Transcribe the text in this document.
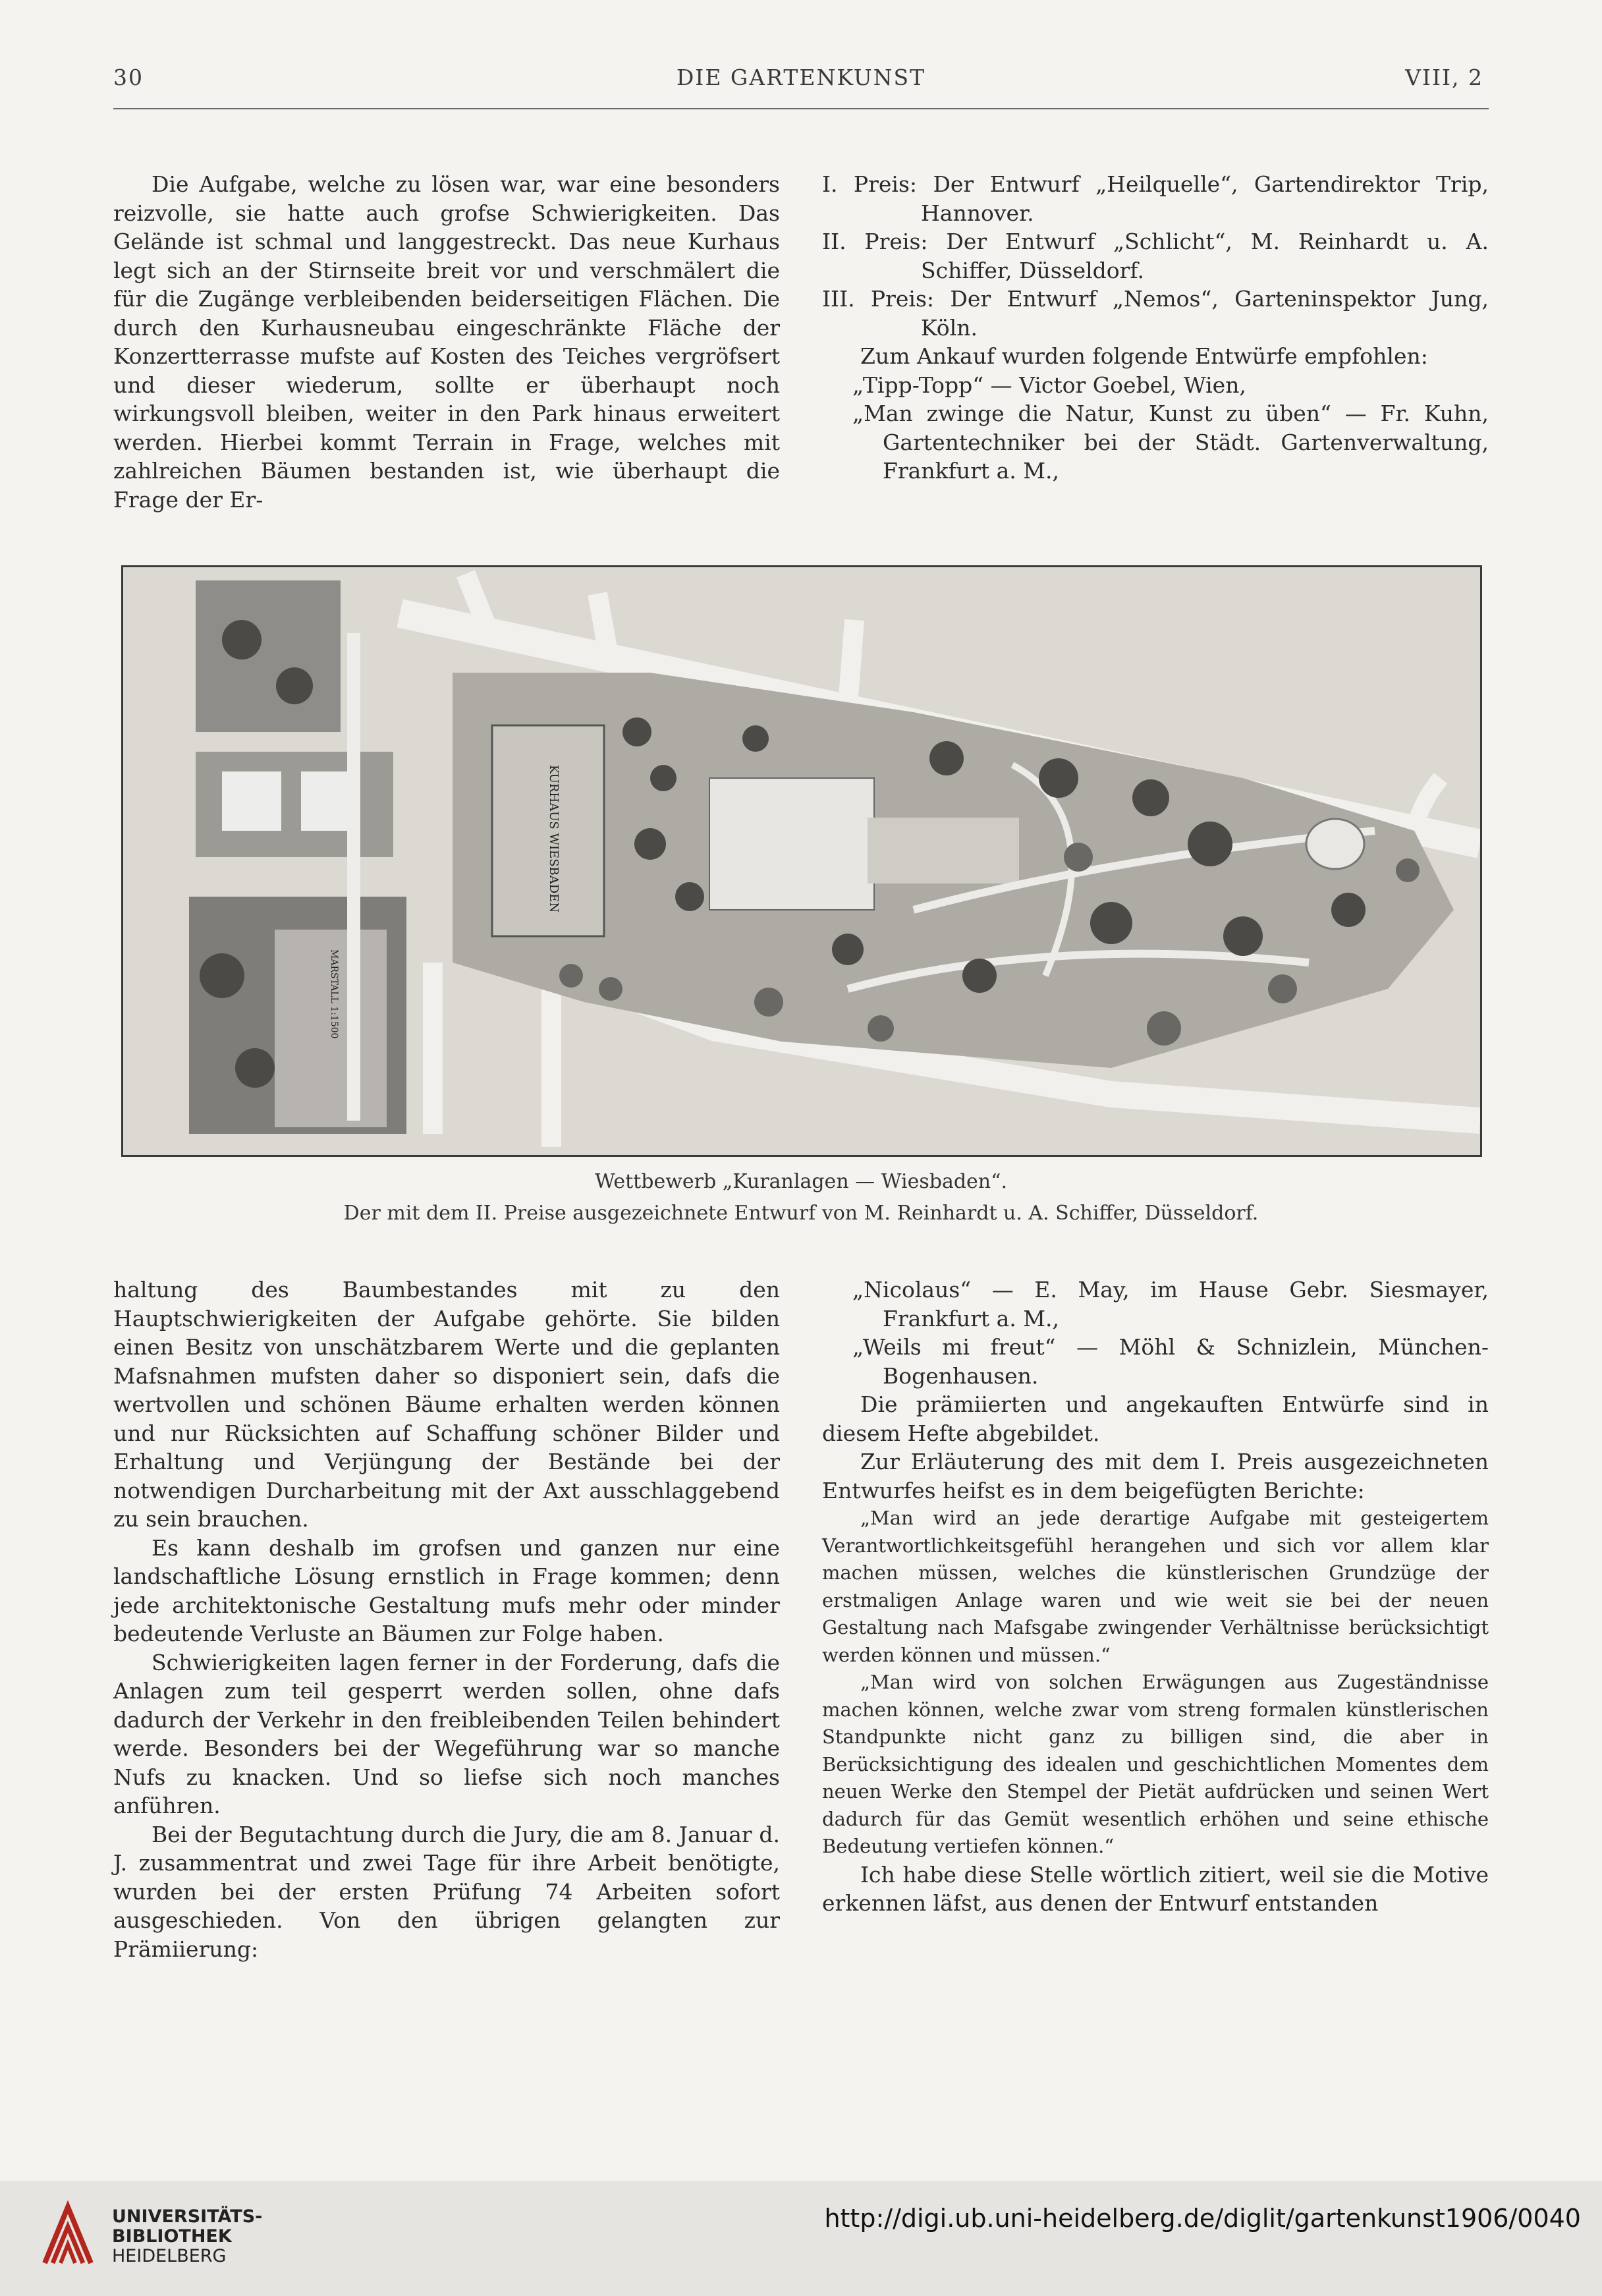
30	DIE GARTENKUNST	VIII, 2

Die Aufgabe, welche zu lösen war, war eine besonders reizvolle, sie hatte auch grofse Schwierigkeiten. Das Gelände ist schmal und langgestreckt. Das neue Kurhaus legt sich an der Stirnseite breit vor und verschmälert die für die Zugänge verbleibenden beiderseitigen Flächen. Die durch den Kurhausneubau eingeschränkte Fläche der Konzertterrasse mufste auf Kosten des Teiches vergröfsert und dieser wiederum, sollte er überhaupt noch wirkungsvoll bleiben, weiter in den Park hinaus erweitert werden. Hierbei kommt Terrain in Frage, welches mit zahlreichen Bäumen bestanden ist, wie überhaupt die Frage der Er-

I. Preis: Der Entwurf „Heilquelle“, Gartendirektor Trip, Hannover.

II. Preis: Der Entwurf „Schlicht“, M. Reinhardt u. A. Schiffer, Düsseldorf.

III. Preis: Der Entwurf „Nemos“, Garteninspektor Jung, Köln.

Zum Ankauf wurden folgende Entwürfe empfohlen:

„Tipp-Topp“ — Victor Goebel, Wien,

„Man zwinge die Natur, Kunst zu üben“ — Fr. Kuhn, Gartentechniker bei der Städt. Gartenverwaltung, Frankfurt a. M.,

KURHAUS WIESBADEN
MARSTALL 1:1500
Wettbewerb „Kuranlagen — Wiesbaden“.
Der mit dem II. Preise ausgezeichnete Entwurf von M. Reinhardt u. A. Schiffer, Düsseldorf.

haltung des Baumbestandes mit zu den Hauptschwierigkeiten der Aufgabe gehörte. Sie bilden einen Besitz von unschätzbarem Werte und die geplanten Mafsnahmen mufsten daher so disponiert sein, dafs die wertvollen und schönen Bäume erhalten werden können und nur Rücksichten auf Schaffung schöner Bilder und Erhaltung und Verjüngung der Bestände bei der notwendigen Durcharbeitung mit der Axt ausschlaggebend zu sein brauchen.

Es kann deshalb im grofsen und ganzen nur eine landschaftliche Lösung ernstlich in Frage kommen; denn jede architektonische Gestaltung mufs mehr oder minder bedeutende Verluste an Bäumen zur Folge haben.

Schwierigkeiten lagen ferner in der Forderung, dafs die Anlagen zum teil gesperrt werden sollen, ohne dafs dadurch der Verkehr in den freibleibenden Teilen behindert werde. Besonders bei der Wegeführung war so manche Nufs zu knacken. Und so liefse sich noch manches anführen.

Bei der Begutachtung durch die Jury, die am 8. Januar d. J. zusammentrat und zwei Tage für ihre Arbeit benötigte, wurden bei der ersten Prüfung 74 Arbeiten sofort ausgeschieden. Von den übrigen gelangten zur Prämiierung:

„Nicolaus“ — E. May, im Hause Gebr. Siesmayer, Frankfurt a. M.,

„Weils mi freut“ — Möhl & Schnizlein, München-Bogenhausen.

Die prämiierten und angekauften Entwürfe sind in diesem Hefte abgebildet.

Zur Erläuterung des mit dem I. Preis ausgezeichneten Entwurfes heifst es in dem beigefügten Berichte:

„Man wird an jede derartige Aufgabe mit gesteigertem Verantwortlichkeitsgefühl herangehen und sich vor allem klar machen müssen, welches die künstlerischen Grundzüge der erstmaligen Anlage waren und wie weit sie bei der neuen Gestaltung nach Mafsgabe zwingender Verhältnisse berücksichtigt werden können und müssen.“

„Man wird von solchen Erwägungen aus Zugeständnisse machen können, welche zwar vom streng formalen künstlerischen Standpunkte nicht ganz zu billigen sind, die aber in Berücksichtigung des idealen und geschichtlichen Momentes dem neuen Werke den Stempel der Pietät aufdrücken und seinen Wert dadurch für das Gemüt wesentlich erhöhen und seine ethische Bedeutung vertiefen können.“

Ich habe diese Stelle wörtlich zitiert, weil sie die Motive erkennen läfst, aus denen der Entwurf entstanden

UNIVERSITÄTS-
BIBLIOTHEK
HEIDELBERG
http://digi.ub.uni-heidelberg.de/diglit/gartenkunst1906/0040
